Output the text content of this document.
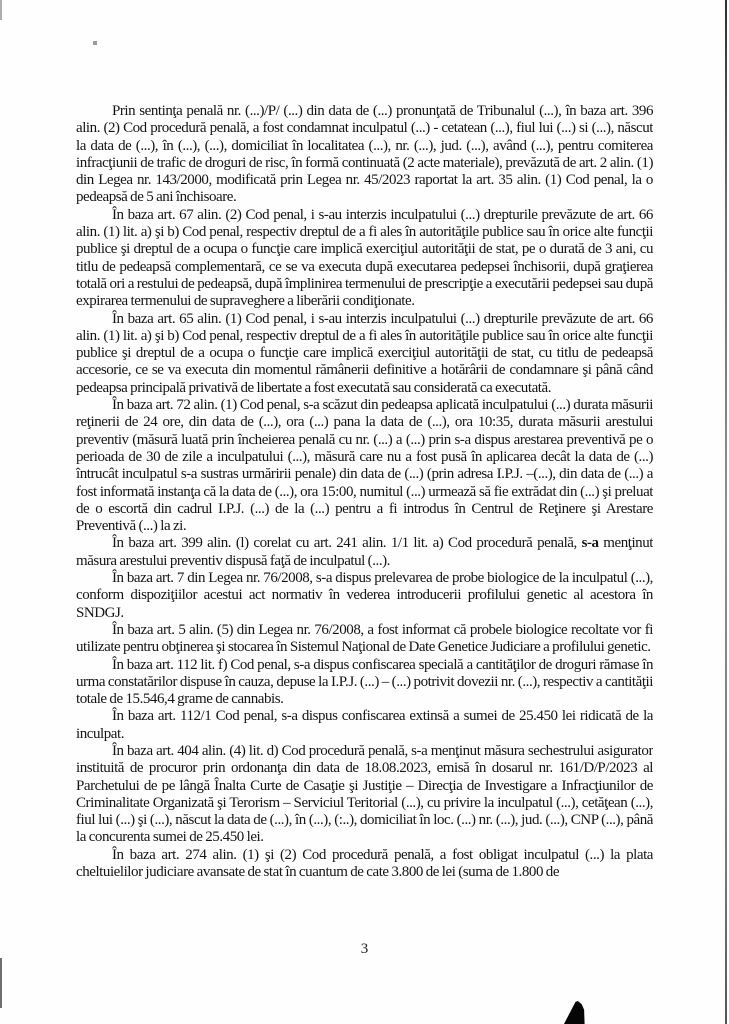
Prin sentinţa penală nr. (...)/P/ (...) din data de (...) pronunţată de Tribunalul (...), în baza art. 396 alin. (2) Cod procedură penală, a fost condamnat inculpatul (...) - cetatean (...), fiul lui (...) si (...), născut la data de (...), în (...), (...), domiciliat în localitatea (...), nr. (...), jud. (...), având (...), pentru comiterea infracţiunii de trafic de droguri de risc, în formă continuată (2 acte materiale), prevăzută de art. 2 alin. (1) din Legea nr. 143/2000, modificată prin Legea nr. 45/2023 raportat la art. 35 alin. (1) Cod penal, la o pedeapsă de 5 ani închisoare.

În baza art. 67 alin. (2) Cod penal, i s-au interzis inculpatului (...) drepturile prevăzute de art. 66 alin. (1) lit. a) şi b) Cod penal, respectiv dreptul de a fi ales în autorităţile publice sau în orice alte funcţii publice şi dreptul de a ocupa o funcţie care implică exerciţiul autorităţii de stat, pe o durată de 3 ani, cu titlu de pedeapsă complementară, ce se va executa după executarea pedepsei închisorii, după graţierea totală ori a restului de pedeapsă, după împlinirea termenului de prescripţie a executării pedepsei sau după expirarea termenului de supraveghere a liberării condiţionate.

În baza art. 65 alin. (1) Cod penal, i s-au interzis inculpatului (...) drepturile prevăzute de art. 66 alin. (1) lit. a) şi b) Cod penal, respectiv dreptul de a fi ales în autorităţile publice sau în orice alte funcţii publice şi dreptul de a ocupa o funcţie care implică exerciţiul autorităţii de stat, cu titlu de pedeapsă accesorie, ce se va executa din momentul rămânerii definitive a hotărârii de condamnare şi până când pedeapsa principală privativă de libertate a fost executată sau considerată ca executată.

În baza art. 72 alin. (1) Cod penal, s-a scăzut din pedeapsa aplicată inculpatului (...) durata măsurii reţinerii de 24 ore, din data de (...), ora (...) pana la data de (...), ora 10:35, durata măsurii arestului preventiv (măsură luată prin încheierea penală cu nr. (...) a (...) prin s-a dispus arestarea preventivă pe o perioada de 30 de zile a inculpatului (...), măsură care nu a fost pusă în aplicarea decât la data de (...) întrucât inculpatul s-a sustras urmăririi penale) din data de (...) (prin adresa I.P.J. –(...), din data de (...) a fost informată instanţa că la data de (...), ora 15:00, numitul (...) urmează să fie extrădat din (...) şi preluat de o escortă din cadrul I.P.J. (...) de la (...) pentru a fi introdus în Centrul de Reţinere şi Arestare Preventivă (...) la zi.

În baza art. 399 alin. (l) corelat cu art. 241 alin. 1/1 lit. a) Cod procedură penală, s-a menţinut măsura arestului preventiv dispusă faţă de inculpatul (...).

În baza art. 7 din Legea nr. 76/2008, s-a dispus prelevarea de probe biologice de la inculpatul (...), conform dispoziţiilor acestui act normativ în vederea introducerii profilului genetic al acestora în SNDGJ.

În baza art. 5 alin. (5) din Legea nr. 76/2008, a fost informat că probele biologice recoltate vor fi utilizate pentru obţinerea şi stocarea în Sistemul Naţional de Date Genetice Judiciare a profilului genetic.

În baza art. 112 lit. f) Cod penal, s-a dispus confiscarea specială a cantităţilor de droguri rămase în urma constatărilor dispuse în cauza, depuse la I.P.J. (...) – (...) potrivit dovezii nr. (...), respectiv a cantităţii totale de 15.546,4 grame de cannabis.

În baza art. 112/1 Cod penal, s-a dispus confiscarea extinsă a sumei de 25.450 lei ridicată de la inculpat.

În baza art. 404 alin. (4) lit. d) Cod procedură penală, s-a menţinut măsura sechestrului asigurator instituită de procuror prin ordonanţa din data de 18.08.2023, emisă în dosarul nr. 161/D/P/2023 al Parchetului de pe lângă Înalta Curte de Casaţie şi Justiţie – Direcţia de Investigare a Infracţiunilor de Criminalitate Organizată şi Terorism – Serviciul Teritorial (...), cu privire la inculpatul (...), cetăţean (...), fiul lui (...) şi (...), născut la data de (...), în (...), (:..), domiciliat în loc. (...) nr. (...), jud. (...), CNP (...), până la concurenta sumei de 25.450 lei.

În baza art. 274 alin. (1) şi (2) Cod procedură penală, a fost obligat inculpatul (...) la plata cheltuielilor judiciare avansate de stat în cuantum de cate 3.800 de lei (suma de 1.800 de

3
